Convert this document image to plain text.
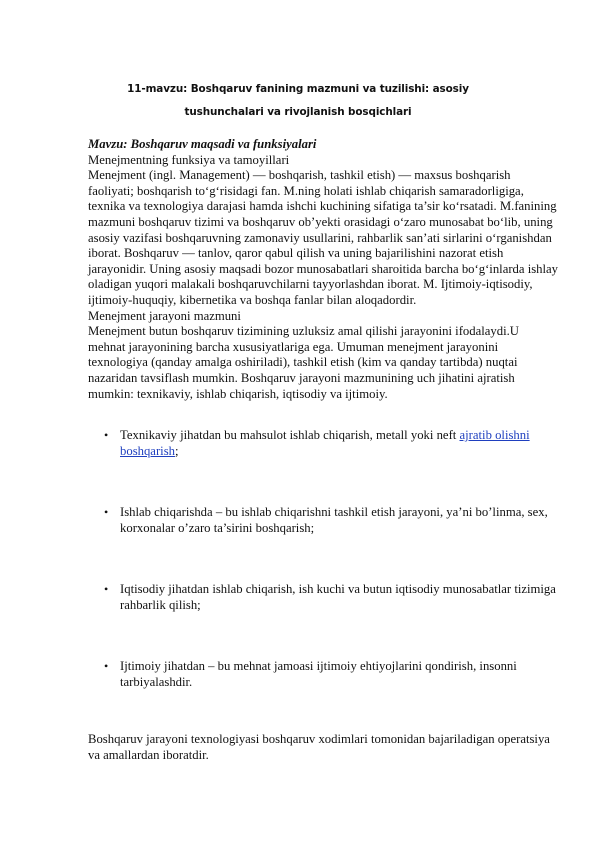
11-mavzu: Boshqaruv fanining mazmuni va tuzilishi: asosiy tushunchalari va rivojlanish bosqichlari

Mavzu: Boshqaruv maqsadi va funksiyalari

Menejmentning funksiya va tamoyillari

Menejment (ingl. Management) — boshqarish, tashkil etish) — maxsus boshqarish faoliyati; boshqarish to‘g‘risidagi fan. M.ning holati ishlab chiqarish samaradorligiga, texnika va texnologiya darajasi hamda ishchi kuchining sifatiga ta’sir ko‘rsatadi. M.fanining mazmuni boshqaruv tizimi va boshqaruv ob’yekti orasidagi o‘zaro munosabat bo‘lib, uning asosiy vazifasi boshqaruvning zamonaviy usullarini, rahbarlik san’ati sirlarini o‘rganishdan iborat. Boshqaruv — tanlov, qaror qabul qilish va uning bajarilishini nazorat etish jarayonidir. Uning asosiy maqsadi bozor munosabatlari sharoitida barcha bo‘g‘inlarda ishlay oladigan yuqori malakali boshqaruvchilarni tayyorlashdan iborat. M. Ijtimoiy-iqtisodiy, ijtimoiy-huquqiy, kibernetika va boshqa fanlar bilan aloqadordir.

Menejment jarayoni mazmuni

Menejment butun boshqaruv tizimining uzluksiz amal qilishi jarayonini ifodalaydi.U mehnat jarayonining barcha xususiyatlariga ega. Umuman menejment jarayonini texnologiya (qanday amalga oshiriladi), tashkil etish (kim va qanday tartibda) nuqtai nazaridan tavsiflash mumkin. Boshqaruv jarayoni mazmunining uch jihatini ajratish mumkin: texnikaviy, ishlab chiqarish, iqtisodiy va ijtimoiy.

• Texnikaviy jihatdan bu mahsulot ishlab chiqarish, metall yoki neft ajratib olishni boshqarish;
• Ishlab chiqarishda – bu ishlab chiqarishni tashkil etish jarayoni, ya’ni bo’linma, sex, korxonalar o’zaro ta’sirini boshqarish;
• Iqtisodiy jihatdan ishlab chiqarish, ish kuchi va butun iqtisodiy munosabatlar tizimiga rahbarlik qilish;
• Ijtimoiy jihatdan – bu mehnat jamoasi ijtimoiy ehtiyojlarini qondirish, insonni tarbiyalashdir.
Boshqaruv jarayoni texnologiyasi boshqaruv xodimlari tomonidan bajariladigan operatsiya va amallardan iboratdir.
